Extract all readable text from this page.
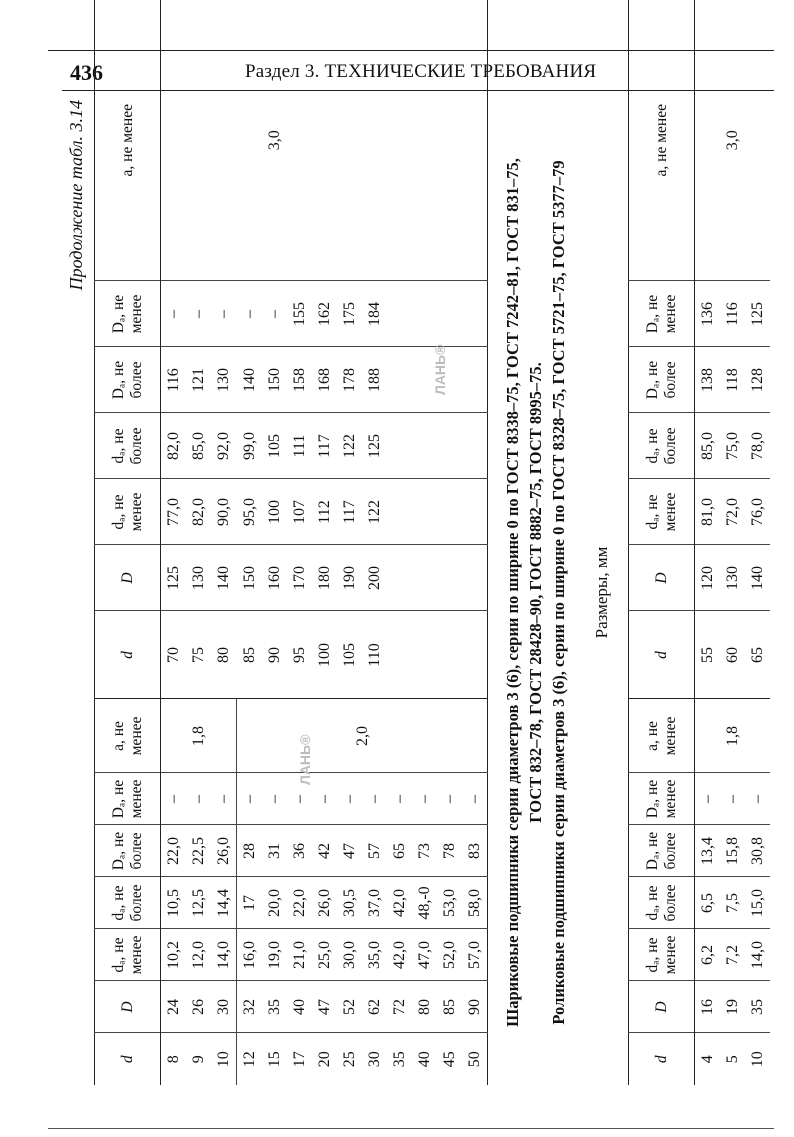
436	Раздел 3. ТЕХНИЧЕСКИЕ ТРЕБОВАНИЯ
Продолжение табл. 3.14
d	D	dₐ, не менее	dₐ, не более	Dₐ, не более	Dₐ, не менее	a, не менее	d	D	dₐ, не менее	dₐ, не более	Dₐ, не более	Dₐ, не менее	a, не менее
8	24	10,2	10,5	22,0	–	1,8	70	125	77,0	82,0	116	–	3,0
9	26	12,0	12,5	22,5	–		75	130	82,0	85,0	121	–	
10	30	14,0	14,4	26,0	–		80	140	90,0	92,0	130	–	
12	32	16,0	17	28	–	2,0	85	150	95,0	99,0	140	–	
15	35	19,0	20,0	31	–		90	160	100	105	150	–	
17	40	21,0	22,0	36	–		95	170	107	111	158	155	
20	47	25,0	26,0	42	–		100	180	112	117	168	162	
25	52	30,0	30,5	47	–		105	190	117	122	178	175	
30	62	35,0	37,0	57	–		110	200	122	125	188	184	
35	72	42,0	42,0	65	–								
40	80	47,0	48,-0	73	–								
45	85	52,0	53,0	78	–								
50	90	57,0	58,0	83	–								Шариковые подшипники серии диаметров 3 (6), серии по ширине 0 по ГОСТ 8338–75, ГОСТ 7242–81, ГОСТ 831–75, ГОСТ 832–78, ГОСТ 28428–90, ГОСТ 8882–75, ГОСТ 8995–75. Роликовые подшипники серии диаметров 3 (6), серии по ширине 0 по ГОСТ 8328–75, ГОСТ 5721–75, ГОСТ 5377–79 Размеры, мм
d	D	dₐ, не менее	dₐ, не более	Dₐ, не более	Dₐ, не менее	a, не менее	d	D	dₐ, не менее	dₐ, не более	Dₐ, не более	Dₐ, не менее	a, не менее
4	16	6,2	6,5	13,4	–	1,8	55	120	81,0	85,0	138	136	3,0
5	19	7,2	7,5	15,8	–		60	130	72,0	75,0	118	116	
10	35	14,0	15,0	30,8	–		65	140	76,0	78,0	128	125	
ЛАНЬ®
ЛАНЬ®
